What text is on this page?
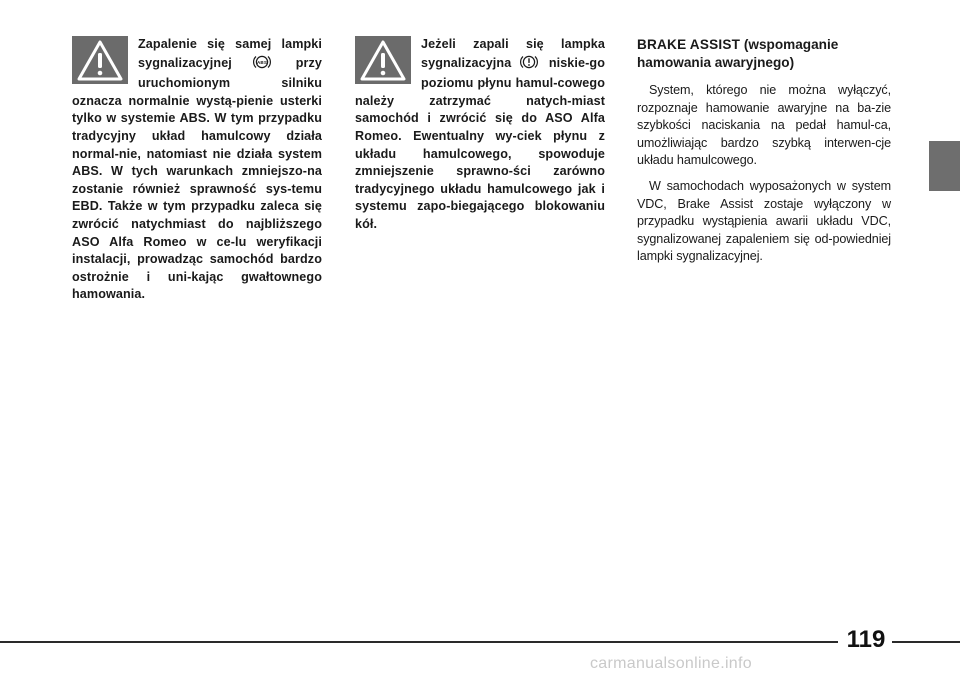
Zapalenie się samej lampki sygnalizacyjnej	ABS przy uruchomionym silniku oznacza normalnie wystą-pienie usterki tylko w systemie ABS. W tym przypadku tradycyjny układ hamulcowy działa normal-nie, natomiast nie działa system ABS. W tych warunkach zmniejszo-na zostanie również sprawność sys-temu EBD. Także w tym przypadku zaleca się zwrócić natychmiast do najbliższego ASO Alfa Romeo w ce-lu weryfikacji instalacji, prowadząc samochód bardzo ostrożnie i uni-kając gwałtownego hamowania.

Jeżeli zapali się lampka sygnalizacyjna	niskie-go poziomu płynu hamul-cowego należy zatrzymać natych-miast samochód i zwrócić się do ASO Alfa Romeo. Ewentualny wy-ciek płynu z układu hamulcowego, spowoduje zmniejszenie sprawno-ści zarówno tradycyjnego układu hamulcowego jak i systemu zapo-biegającego blokowaniu kół.

BRAKE ASSIST (wspomaganie hamowania awaryjnego)

System, którego nie można wyłączyć, rozpoznaje hamowanie awaryjne na ba-zie szybkości naciskania na pedał hamul-ca, umożliwiając bardzo szybką interwen-cje układu hamulcowego.

W samochodach wyposażonych w system VDC, Brake Assist zostaje wyłączony w przypadku wystąpienia awarii układu VDC, sygnalizowanej zapaleniem się od-powiedniej lampki sygnalizacyjnej.

119
carmanualsonline.info
